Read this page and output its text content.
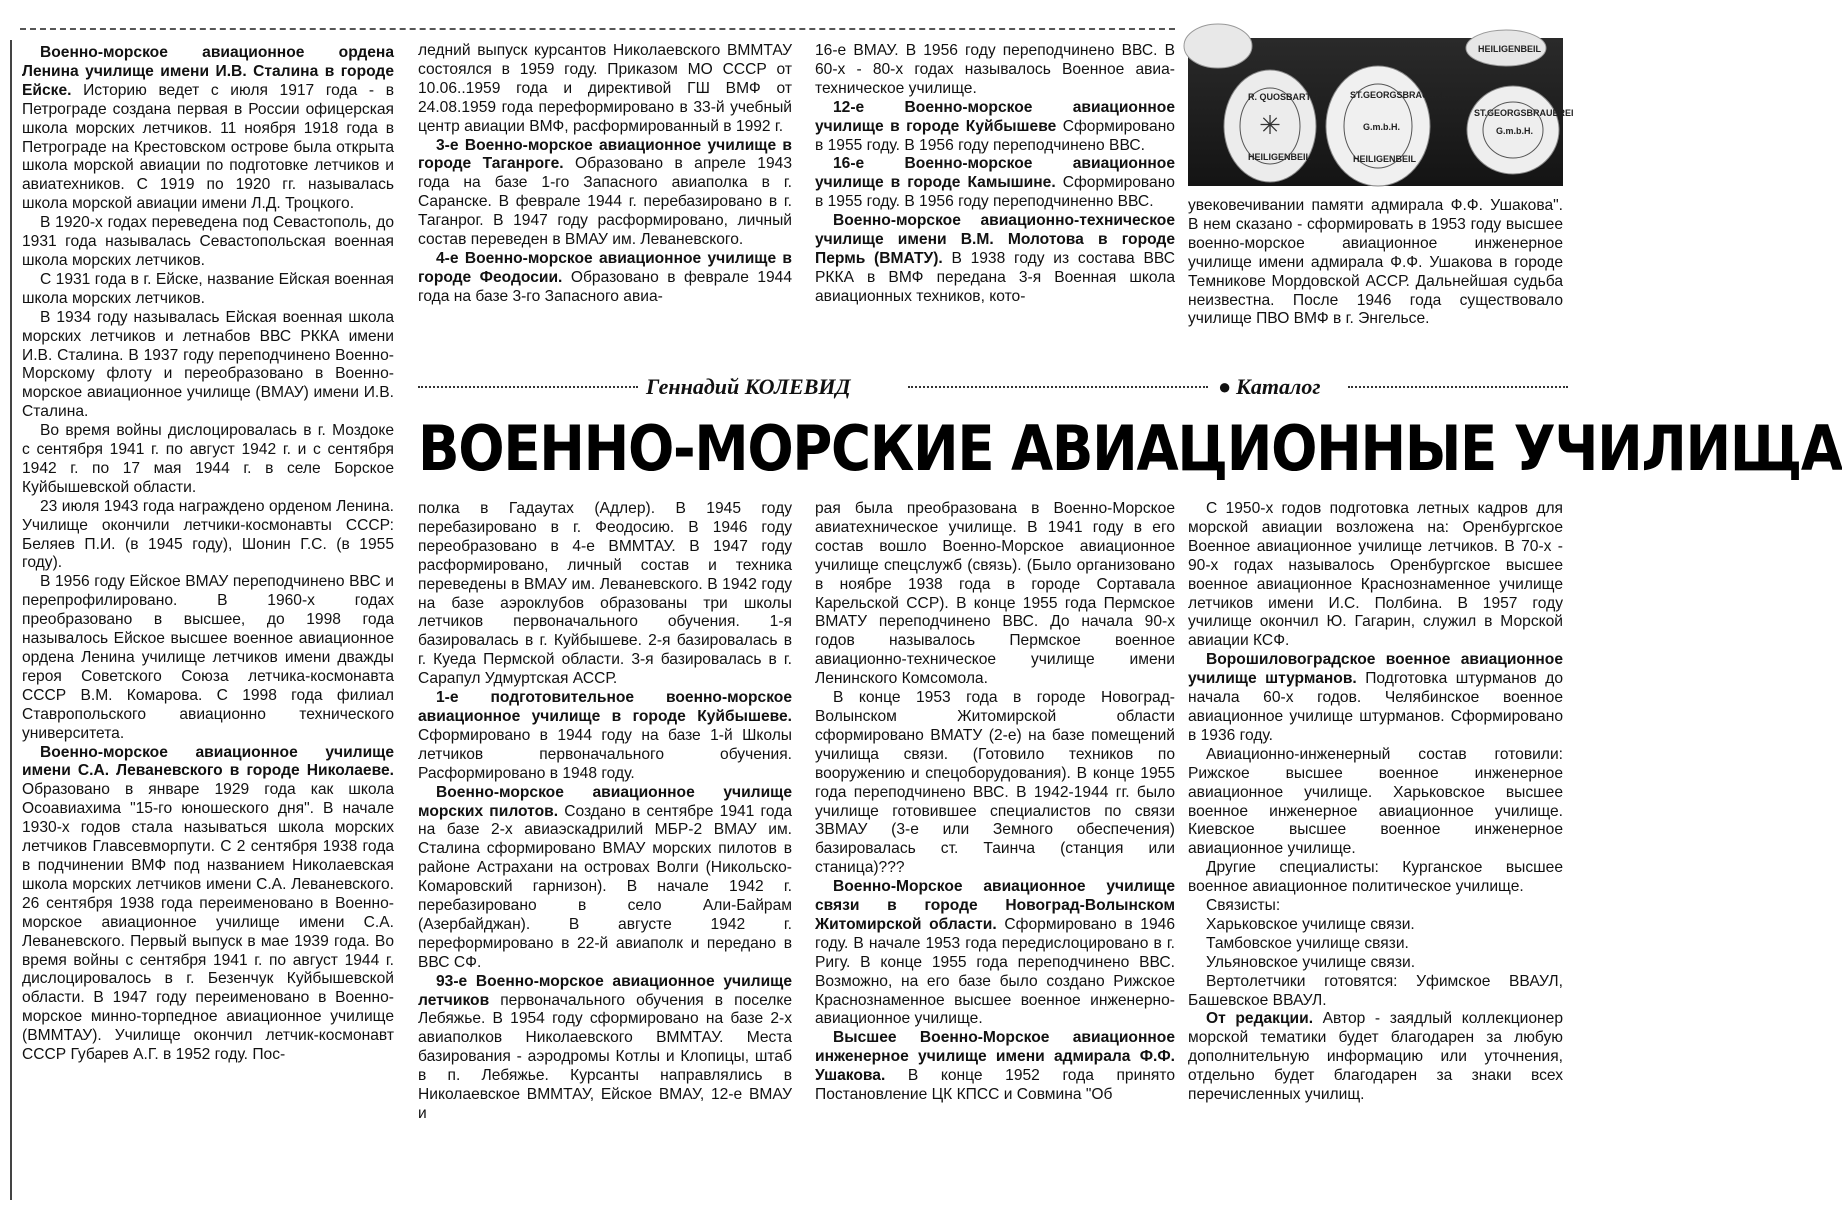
Военно-морское авиационное ордена Ленина училище имени И.В. Сталина в городе Ейске. Историю ведет с июля 1917 года - в Петрограде создана первая в России офицерская школа морских летчиков. 11 ноября 1918 года в Петрограде на Крестовском острове была открыта школа морской авиации по подготовке летчиков и авиатехников. С 1919 по 1920 гг. называлась школа морской авиации имени Л.Д. Троцкого.

В 1920-х годах переведена под Севастополь, до 1931 года называлась Севастопольская военная школа морских летчиков.

С 1931 года в г. Ейске, название Ейская военная школа морских летчиков.

В 1934 году называлась Ейская военная школа морских летчиков и летнабов ВВС РККА имени И.В. Сталина. В 1937 году переподчинено Военно-Морскому флоту и переобразовано в Военно-морское авиационное училище (ВМАУ) имени И.В. Сталина.

Во время войны дислоцировалась в г. Моздоке с сентября 1941 г. по август 1942 г. и с сентября 1942 г. по 17 мая 1944 г. в селе Борское Куйбышевской области.

23 июля 1943 года награждено орденом Ленина. Училище окончили летчики-космонавты СССР: Беляев П.И. (в 1945 году), Шонин Г.С. (в 1955 году).

В 1956 году Ейское ВМАУ переподчинено ВВС и перепрофилировано. В 1960-х годах преобразовано в высшее, до 1998 года называлось Ейское высшее военное авиационное ордена Ленина училище летчиков имени дважды героя Советского Союза летчика-космонавта СССР В.М. Комарова. С 1998 года филиал Ставропольского авиационно технического университета.

Военно-морское авиационное училище имени С.А. Леваневского в городе Николаеве. Образовано в январе 1929 года как школа Осоавиахима "15-го юношеского дня". В начале 1930-х годов стала называться школа морских летчиков Главсевморпути. С 2 сентября 1938 года в подчинении ВМФ под названием Николаевская школа морских летчиков имени С.А. Леваневского. 26 сентября 1938 года переименовано в Военно-морское авиационное училище имени С.А. Леваневского. Первый выпуск в мае 1939 года. Во время войны с сентября 1941 г. по август 1944 г. дислоцировалось в г. Безенчук Куйбышевской области. В 1947 году переименовано в Военно-морское минно-торпедное авиационное училище (ВММТАУ). Училище окончил летчик-космонавт СССР Губарев А.Г. в 1952 году. Пос-

ледний выпуск курсантов Николаевского ВММТАУ состоялся в 1959 году. Приказом МО СССР от 10.06..1959 года и директивой ГШ ВМФ от 24.08.1959 года переформировано в 33-й учебный центр авиации ВМФ, расформированный в 1992 г.

3-е Военно-морское авиационное училище в городе Таганроге. Образовано в апреле 1943 года на базе 1-го Запасного авиаполка в г. Саранске. В феврале 1944 г. перебазировано в г. Таганрог. В 1947 году расформировано, личный состав переведен в ВМАУ им. Леваневского.

4-е Военно-морское авиационное училище в городе Феодосии. Образовано в феврале 1944 года на базе 3-го Запасного авиа-

16-е ВМАУ. В 1956 году переподчинено ВВС. В 60-х - 80-х годах называлось Военное авиа-техническое училище.

12-е Военно-морское авиационное училище в городе Куйбышеве Сформировано в 1955 году. В 1956 году переподчинено ВВС.

16-е Военно-морское авиационное училище в городе Камышине. Сформировано в 1955 году. В 1956 году переподчиненно ВВС.

Военно-морское авиационно-техническое училище имени В.М. Молотова в городе Пермь (ВМАТУ). В 1938 году из состава ВВС РККА в ВМФ передана 3-я Военная школа авиационных техников, кото-

R. QUOSBARTH
HEILIGENBEIL
✳
ST.GEORGSBRAUEREI
G.m.b.H.
HEILIGENBEIL
ST.GEORGSBRAUEREI
G.m.b.H.
HEILIGENBEIL

увековечивании памяти адмирала Ф.Ф. Ушакова". В нем сказано - сформировать в 1953 году высшее военно-морское авиационное инженерное училище имени адмирала Ф.Ф. Ушакова в городе Темникове Мордовской АССР. Дальнейшая судьба неизвестна. После 1946 года существовало училище ПВО ВМФ в г. Энгельсе.

Геннадий КОЛЕВИД	● Каталог
ВОЕННО-МОРСКИЕ АВИАЦИОННЫЕ УЧИЛИЩА

полка в Гадаутах (Адлер). В 1945 году перебазировано в г. Феодосию. В 1946 году переобразовано в 4-е ВММТАУ. В 1947 году расформировано, личный состав и техника переведены в ВМАУ им. Леваневского. В 1942 году на базе аэроклубов образованы три школы летчиков первоначального обучения. 1-я базировалась в г. Куйбышеве. 2-я базировалась в г. Куеда Пермской области. 3-я базировалась в г. Сарапул Удмуртская АССР.

1-е подготовительное военно-морское авиационное училище в городе Куйбышеве. Сформировано в 1944 году на базе 1-й Школы летчиков первоначального обучения. Расформировано в 1948 году.

Военно-морское авиационное училище морских пилотов. Создано в сентябре 1941 года на базе 2-х авиаэскадрилий МБР-2 ВМАУ им. Сталина сформировано ВМАУ морских пилотов в районе Астрахани на островах Волги (Никольско-Комаровский гарнизон). В начале 1942 г. перебазировано в село Али-Байрам (Азербайджан). В августе 1942 г. переформировано в 22-й авиаполк и передано в ВВС СФ.

93-е Военно-морское авиационное училище летчиков первоначального обучения в поселке Лебяжье. В 1954 году сформировано на базе 2-х авиаполков Николаевского ВММТАУ. Места базирования - аэродромы Котлы и Клопицы, штаб в п. Лебяжье. Курсанты направлялись в Николаевское ВММТАУ, Ейское ВМАУ, 12-е ВМАУ и

рая была преобразована в Военно-Морское авиатехническое училище. В 1941 году в его состав вошло Военно-Морское авиационное училище спецслужб (связь). (Было организовано в ноябре 1938 года в городе Сортавала Карельской ССР). В конце 1955 года Пермское ВМАТУ переподчинено ВВС. До начала 90-х годов называлось Пермское военное авиационно-техническое училище имени Ленинского Комсомола.

В конце 1953 года в городе Новоград-Волынском Житомирской области сформировано ВМАТУ (2-е) на базе помещений училища связи. (Готовило техников по вооружению и спецоборудования). В конце 1955 года переподчинено ВВС. В 1942-1944 гг. было училище готовившее специалистов по связи ЗВМАУ (3-е или Земного обеспечения) базировалась ст. Таинча (станция или станица)???

Военно-Морское авиационное училище связи в городе Новоград-Волынском Житомирской области. Сформировано в 1946 году. В начале 1953 года передислоцировано в г. Ригу. В конце 1955 года переподчинено ВВС. Возможно, на его базе было создано Рижское Краснознаменное высшее военное инженерно-авиационное училище.

Высшее Военно-Морское авиационное инженерное училище имени адмирала Ф.Ф. Ушакова. В конце 1952 года принято Постановление ЦК КПСС и Совмина "Об

С 1950-х годов подготовка летных кадров для морской авиации возложена на: Оренбургское Военное авиационное училище летчиков. В 70-х - 90-х годах называлось Оренбургское высшее военное авиационное Краснознаменное училище летчиков имени И.С. Полбина. В 1957 году училище окончил Ю. Гагарин, служил в Морской авиации КСФ.

Ворошиловоградское военное авиационное училище штурманов. Подготовка штурманов до начала 60-х годов. Челябинское военное авиационное училище штурманов. Сформировано в 1936 году.

Авиационно-инженерный состав готовили: Рижское высшее военное инженерное авиационное училище. Харьковское высшее военное инженерное авиационное училище. Киевское высшее военное инженерное авиационное училище.

Другие специалисты: Курганское высшее военное авиационное политическое училище.

Связисты:

Харьковское училище связи.

Тамбовское училище связи.

Ульяновское училище связи.

Вертолетчики готовятся: Уфимское ВВАУЛ, Башевское ВВАУЛ.

От редакции. Автор - заядлый коллекционер морской тематики будет благодарен за любую дополнительную информацию или уточнения, отдельно будет благодарен за знаки всех перечисленных училищ.
